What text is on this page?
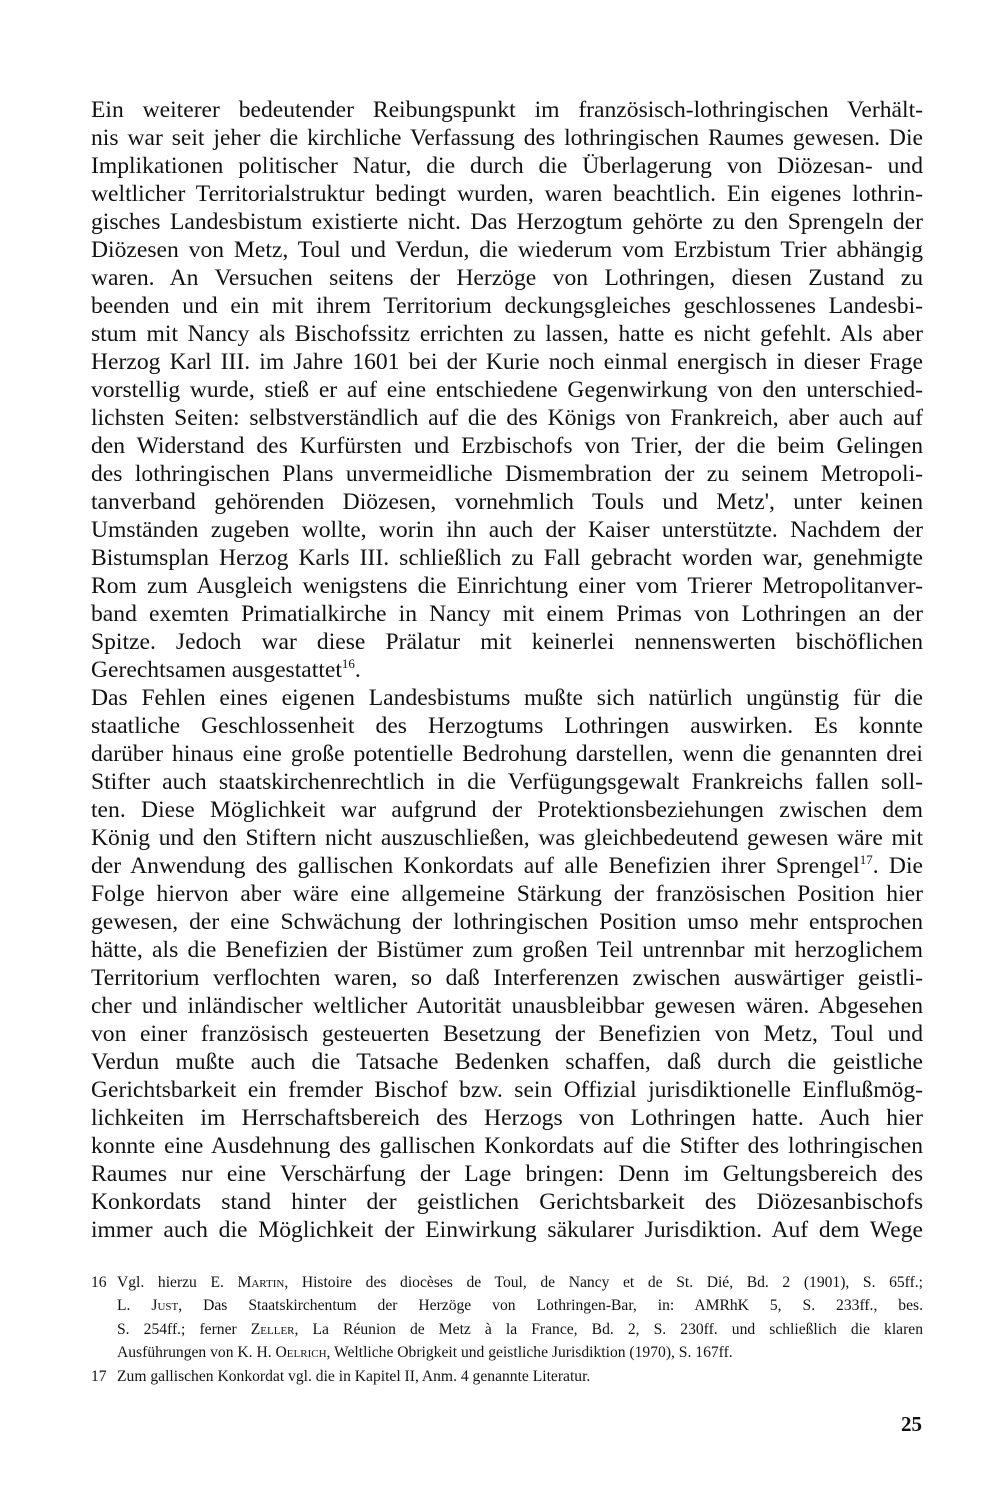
Ein weiterer bedeutender Reibungspunkt im französisch-lothringischen Verhält-
nis war seit jeher die kirchliche Verfassung des lothringischen Raumes gewesen. Die
Implikationen politischer Natur, die durch die Überlagerung von Diözesan- und
weltlicher Territorialstruktur bedingt wurden, waren beachtlich. Ein eigenes lothrin-
gisches Landesbistum existierte nicht. Das Herzogtum gehörte zu den Sprengeln der
Diözesen von Metz, Toul und Verdun, die wiederum vom Erzbistum Trier abhängig
waren. An Versuchen seitens der Herzöge von Lothringen, diesen Zustand zu
beenden und ein mit ihrem Territorium deckungsgleiches geschlossenes Landesbi-
stum mit Nancy als Bischofssitz errichten zu lassen, hatte es nicht gefehlt. Als aber
Herzog Karl III. im Jahre 1601 bei der Kurie noch einmal energisch in dieser Frage
vorstellig wurde, stieß er auf eine entschiedene Gegenwirkung von den unterschied-
lichsten Seiten: selbstverständlich auf die des Königs von Frankreich, aber auch auf
den Widerstand des Kurfürsten und Erzbischofs von Trier, der die beim Gelingen
des lothringischen Plans unvermeidliche Dismembration der zu seinem Metropoli-
tanverband gehörenden Diözesen, vornehmlich Touls und Metz', unter keinen
Umständen zugeben wollte, worin ihn auch der Kaiser unterstützte. Nachdem der
Bistumsplan Herzog Karls III. schließlich zu Fall gebracht worden war, genehmigte
Rom zum Ausgleich wenigstens die Einrichtung einer vom Trierer Metropolitanver-
band exemten Primatialkirche in Nancy mit einem Primas von Lothringen an der
Spitze. Jedoch war diese Prälatur mit keinerlei nennenswerten bischöflichen
Gerechtsamen ausgestattet$^{16}$.
Das Fehlen eines eigenen Landesbistums mußte sich natürlich ungünstig für die
staatliche Geschlossenheit des Herzogtums Lothringen auswirken. Es konnte
darüber hinaus eine große potentielle Bedrohung darstellen, wenn die genannten drei
Stifter auch staatskirchenrechtlich in die Verfügungsgewalt Frankreichs fallen soll-
ten. Diese Möglichkeit war aufgrund der Protektionsbeziehungen zwischen dem
König und den Stiftern nicht auszuschließen, was gleichbedeutend gewesen wäre mit
der Anwendung des gallischen Konkordats auf alle Benefizien ihrer Sprengel$^{17}$. Die
Folge hiervon aber wäre eine allgemeine Stärkung der französischen Position hier
gewesen, der eine Schwächung der lothringischen Position umso mehr entsprochen
hätte, als die Benefizien der Bistümer zum großen Teil untrennbar mit herzoglichem
Territorium verflochten waren, so daß Interferenzen zwischen auswärtiger geistli-
cher und inländischer weltlicher Autorität unausbleibbar gewesen wären. Abgesehen
von einer französisch gesteuerten Besetzung der Benefizien von Metz, Toul und
Verdun mußte auch die Tatsache Bedenken schaffen, daß durch die geistliche
Gerichtsbarkeit ein fremder Bischof bzw. sein Offizial jurisdiktionelle Einflußmög-
lichkeiten im Herrschaftsbereich des Herzogs von Lothringen hatte. Auch hier
konnte eine Ausdehnung des gallischen Konkordats auf die Stifter des lothringischen
Raumes nur eine Verschärfung der Lage bringen: Denn im Geltungsbereich des
Konkordats stand hinter der geistlichen Gerichtsbarkeit des Diözesanbischofs
immer auch die Möglichkeit der Einwirkung säkularer Jurisdiktion. Auf dem Wege
16 Vgl. hierzu E. Martin, Histoire des diocèses de Toul, de Nancy et de St. Dié, Bd. 2 (1901), S. 65ff.;
L. Just, Das Staatskirchentum der Herzöge von Lothringen-Bar, in: AMRhK 5, S. 233ff., bes.
S. 254ff.; ferner Zeller, La Réunion de Metz à la France, Bd. 2, S. 230ff. und schließlich die klaren
Ausführungen von K. H. Oelrich, Weltliche Obrigkeit und geistliche Jurisdiktion (1970), S. 167ff.
17 Zum gallischen Konkordat vgl. die in Kapitel II, Anm. 4 genannte Literatur.
25
